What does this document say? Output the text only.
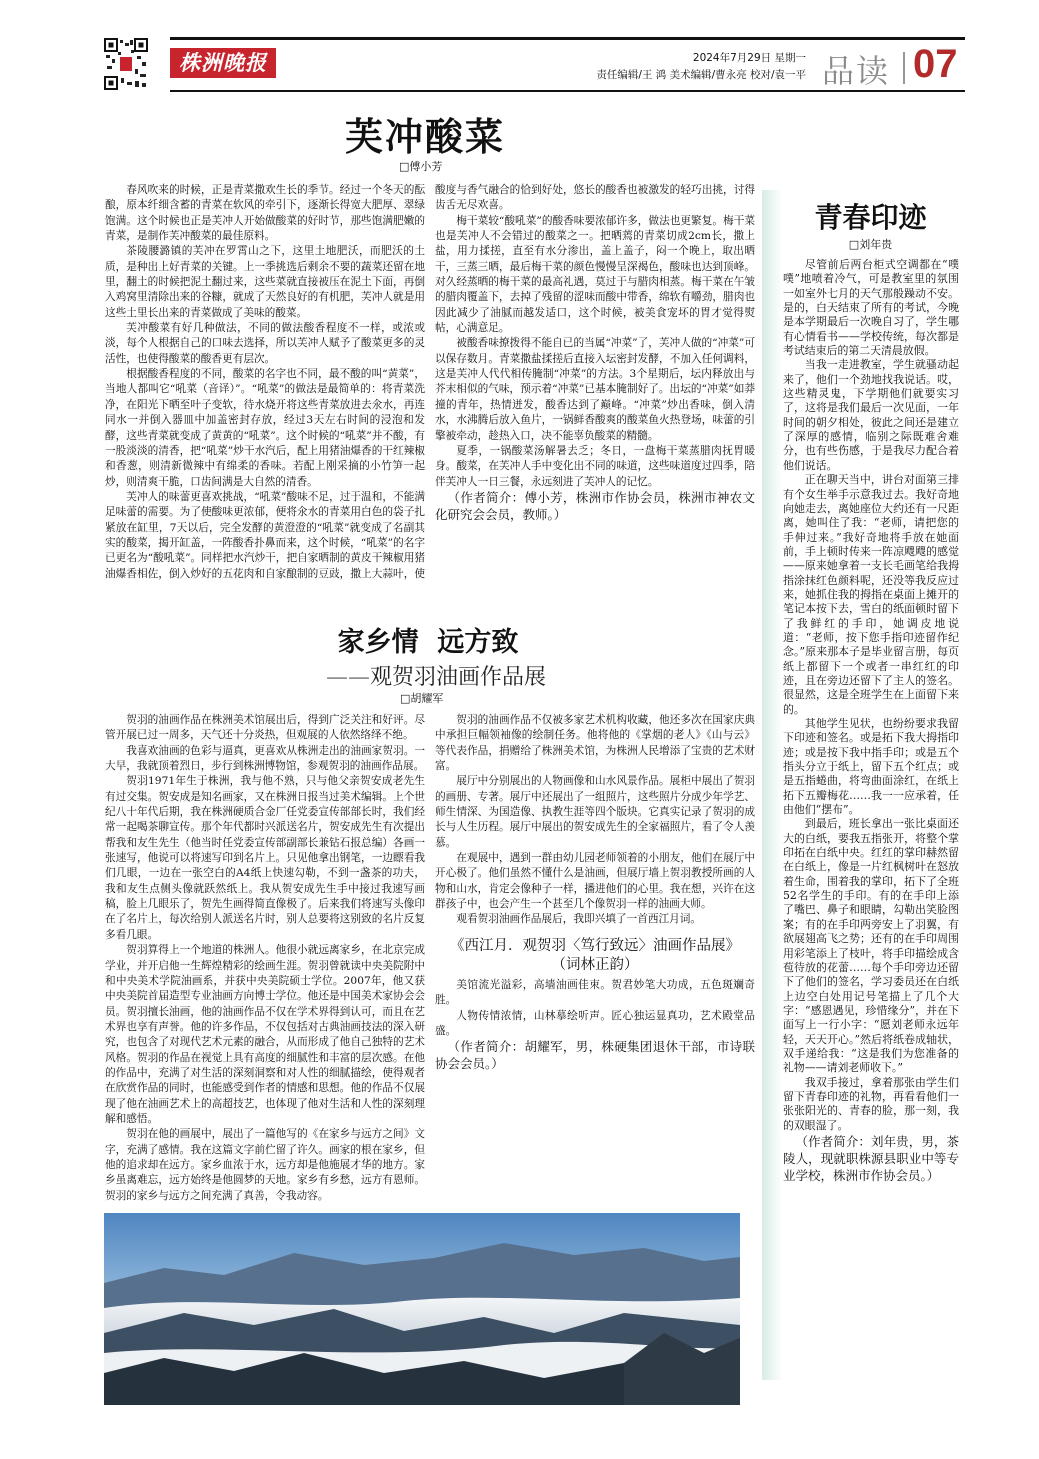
株洲晚报	2024年7月29日 星期一
责任编辑/王 鸿 美术编辑/曹永亮 校对/袁一平 品读 07
芙冲酸菜
□傅小芳

春风吹来的时候，正是青菜撒欢生长的季节。经过一个冬天的酝酿，原本纤细含蓄的青菜在软风的牵引下，逐渐长得宽大肥厚、翠绿饱满。这个时候也正是芙冲人开始做酸菜的好时节，那些饱满肥嫩的青菜，是制作芙冲酸菜的最佳原料。

茶陵腰潞镇的芙冲在罗霄山之下，这里土地肥沃，而肥沃的土质，是种出上好青菜的关键。上一季挑选后剩余不要的蔬菜还留在地里，翻土的时候把泥土翻过来，这些菜就直接被压在泥土下面，再倒入鸡窝里清除出来的谷糠，就成了天然良好的有机肥，芙冲人就是用这些土里长出来的青菜做成了美味的酸菜。

芙冲酸菜有好几种做法，不同的做法酸香程度不一样，或浓或淡，每个人根据自己的口味去选择，所以芙冲人赋予了酸菜更多的灵活性，也使得酸菜的酸香更有层次。

根据酸香程度的不同，酸菜的名字也不同，最不酸的叫“黄菜”，当地人都叫它“吼菜（音译）”。“吼菜”的做法是最简单的：将青菜洗净，在阳光下晒至叶子变软，待水烧开将这些青菜放进去氽水，再连同水一并倒入器皿中加盖密封存放，经过3天左右时间的浸泡和发酵，这些青菜就变成了黄黄的“吼菜”。这个时候的“吼菜”并不酸，有一股淡淡的清香，把“吼菜”炒干水汽后，配上用猪油爆香的干红辣椒和香葱，则清新微辣中有绵柔的香味。若配上刚采摘的小竹笋一起炒，则清爽干脆，口齿间满是大自然的清香。

芙冲人的味蕾更喜欢挑战，“吼菜”酸味不足，过于温和，不能满足味蕾的需要。为了使酸味更浓郁，便将氽水的青菜用白色的袋子扎紧放在缸里，7天以后，完全发酵的黄澄澄的“吼菜”就变成了名副其实的酸菜，揭开缸盖，一阵酸香扑鼻而来，这个时候，“吼菜”的名字已更名为“酸吼菜”。同样把水汽炒干，把自家晒制的黄皮干辣椒用猪油爆香相佐，倒入炒好的五花肉和自家酿制的豆豉，撒上大蒜叶，使酸度与香气融合的恰到好处，悠长的酸香也被激发的轻巧出挑，讨得齿舌无尽欢喜。

梅干菜较“酸吼菜”的酸香味要浓郁许多，做法也更繁复。梅干菜也是芙冲人不会错过的酸菜之一。把晒蔫的青菜切成2cm长，撒上盐，用力揉搓，直至有水分渗出，盖上盖子，闷一个晚上，取出晒干，三蒸三晒，最后梅干菜的颜色慢慢呈深褐色，酸味也达到顶峰。对久经蒸晒的梅干菜的最高礼遇，莫过于与腊肉相蒸。梅干菜在午皱的腊肉覆盖下，去掉了残留的涩味而酸中带香，绵软有嚼劲，腊肉也因此减少了油腻而越发适口，这个时候，被美食宠坏的胃才觉得熨帖，心满意足。

被酸香味撩拨得不能自已的当属“冲菜”了，芙冲人做的“冲菜”可以保存数月。青菜撒盐揉搓后直接入坛密封发酵，不加入任何调料，这是芙冲人代代相传腌制“冲菜”的方法。3个星期后，坛内释放出与芥末相似的气味，预示着“冲菜”已基本腌制好了。出坛的“冲菜”如莽撞的青年，热情迸发，酸香达到了巅峰。“冲菜”炒出香味，倒入清水，水沸腾后放入鱼片，一锅鲜香酸爽的酸菜鱼火热登场，味蕾的引擎被牵动，趁热入口，决不能辜负酸菜的精髓。

夏季，一锅酸菜汤解暑去乏；冬日，一盘梅干菜蒸腊肉抚胃暖身。酸菜，在芙冲人手中变化出不同的味道，这些味道度过四季，陪伴芙冲人一日三餐，永远刻进了芙冲人的记忆。

（作者简介：傅小芳，株洲市作协会员，株洲市神农文化研究会会员，教师。）

家乡情  远方致
——观贺羽油画作品展
□胡耀军

贺羽的油画作品在株洲美术馆展出后，得到广泛关注和好评。尽管开展已过一周多，天气还十分炎热，但观展的人依然络绎不绝。

我喜欢油画的色彩与逼真，更喜欢从株洲走出的油画家贺羽。一大早，我就顶着烈日，步行到株洲博物馆，参观贺羽的油画作品展。

贺羽1971年生于株洲，我与他不熟，只与他父亲贺安成老先生有过交集。贺安成是知名画家，又在株洲日报当过美术编辑。上个世纪八十年代后期，我在株洲硬质合金厂任党委宣传部部长时，我们经常一起喝茶聊宣传。那个年代都时兴派送名片，贺安成先生有次提出帮我和友生先生（他当时任党委宣传部副部长兼钻石报总编）各画一张速写，他说可以将速写印到名片上。只见他拿出钢笔，一边瞟看我们几眼，一边在一张空白的A4纸上快速勾勒，不到一盏茶的功夫，我和友生点侧头像就跃然纸上。我从贺安成先生手中接过我速写画稿，脸上几眼乐了，贺先生画得简直像极了。后来我们将速写头像印在了名片上，每次给别人派送名片时，别人总要将这别致的名片反复多看几眼。

贺羽算得上一个地道的株洲人。他很小就远离家乡，在北京完成学业，并开启他一生辉煌精彩的绘画生涯。贺羽曾就读中央美院附中和中央美术学院油画系，并获中央美院硕士学位。2007年，他又获中央美院首届造型专业油画方向博士学位。他还是中国美术家协会会员。贺羽擅长油画，他的油画作品不仅在学术界得到认可，而且在艺术界也享有声誉。他的许多作品，不仅包括对古典油画技法的深入研究，也包含了对现代艺术元素的融合，从而形成了他自己独特的艺术风格。贺羽的作品在视觉上具有高度的细腻性和丰富的层次感。在他的作品中，充满了对生活的深刻洞察和对人性的细腻描绘，使得观者在欣赏作品的同时，也能感受到作者的情感和思想。他的作品不仅展现了他在油画艺术上的高超技艺，也体现了他对生活和人性的深刻理解和感悟。

贺羽在他的画展中，展出了一篇他写的《在家乡与远方之间》文字，充满了感情。我在这篇文字前伫留了许久。画家的根在家乡，但他的追求却在远方。家乡血浓于水，远方却是他施展才华的地方。家乡虽离难忘，远方始终是他圆梦的天地。家乡有乡愁，远方有恩师。贺羽的家乡与远方之间充满了真善，令我动容。

贺羽的油画作品不仅被多家艺术机构收藏，他还多次在国家庆典中承担巨幅领袖像的绘制任务。他将他的《掌烟的老人》《山与云》等代表作品，捐赠给了株洲美术馆，为株洲人民增添了宝贵的艺术财富。

展厅中分别展出的人物画像和山水风景作品。展柜中展出了贺羽的画册、专著。展厅中还展出了一组照片，这些照片分成少年学艺、师生情深、为国造像、执教生涯等四个版块。它真实记录了贺羽的成长与人生历程。展厅中展出的贺安成先生的全家福照片，看了令人羡慕。

在观展中，遇到一群由幼儿园老师领着的小朋友，他们在展厅中开心极了。他们虽然不懂什么是油画，但展厅墙上贺羽教授所画的人物和山水，肯定会像种子一样，播进他们的心里。我在想，兴许在这群孩子中，也会产生一个甚至几个像贺羽一样的油画大师。

观看贺羽油画作品展后，我即兴填了一首西江月词。

《西江月．观贺羽〈笃行致远〉油画作品展》
（词林正韵）

美馆流光溢彩，高墙油画佳朿。贺君妙笔大功成，五色斑斓奇胜。

人物传情浓情，山林摹绘听声。匠心独运显真功，艺术殿堂品盛。

（作者简介：胡耀军，男，株硬集团退休干部，市诗联协会会员。）

青春印迹
□刘年贵

尽管前后两台柜式空调都在“噗噗”地喷着冷气，可是教室里的氛围一如室外七月的天气那般躁动不安。是的，白天结束了所有的考试，今晚是本学期最后一次晚自习了，学生哪有心情看书——学校传统，每次都是考试结束后的第二天清晨放假。

当我一走进教室，学生就骚动起来了，他们一个劲地找我说话。哎，这些精灵鬼，下学期他们就要实习了，这将是我们最后一次见面，一年时间的朝夕相处，彼此之间还是建立了深厚的感情，临别之际既难舍难分，也有些伤感，于是我尽力配合着他们说话。

正在聊天当中，讲台对面第三排有个女生举手示意我过去。我好奇地向她走去，离她座位大约还有一尺距离，她叫住了我：“老师，请把您的手伸过来。”我好奇地将手放在她面前，手上顿时传来一阵凉飕飕的感觉——原来她拿着一支长毛画笔给我拇指涂抹红色颜料呢，还没等我反应过来，她抓住我的拇指在桌面上摊开的笔记本按下去，雪白的纸面顿时留下了我鲜红的手印，她调皮地说道：“老师，按下您手指印迹留作纪念。”原来那本子是毕业留言册，每页纸上都留下一个或者一串红红的印迹，且在旁边还留下了主人的签名。很显然，这是全班学生在上面留下来的。

其他学生见状，也纷纷要求我留下印迹和签名。或是拓下我大拇指印迹；或是按下我中指手印；或是五个指头分立于纸上，留下五个红点；或是五指蜷曲，将弯曲面涂红，在纸上拓下五瓣梅花……我一一应承着，任由他们“摆布”。

到最后，班长拿出一张比桌面还大的白纸，要我五指张开，将整个掌印拓在白纸中央。红红的掌印赫然留在白纸上，像是一片红枫树叶在怒放着生命，围着我的掌印，拓下了全班52名学生的手印。有的在手印上添了嘴巴、鼻子和眼睛，勾勒出笑脸图案；有的在手印两旁安上了羽翼，有欲展翅高飞之势；还有的在手印周围用彩笔添上了枝叶，将手印描绘成含苞待放的花蕾……每个手印旁边还留下了他们的签名，学习委员还在白纸上边空白处用记号笔描上了几个大字：“感恩遇见，珍惜缘分”，并在下面写上一行小字：“愿刘老师永远年轻，天天开心。”然后将纸卷成轴状，双手递给我：“这是我们为您准备的礼物——请刘老师收下。”

我双手接过，拿着那张由学生们留下青春印迹的礼物，再看看他们一张张阳光的、青春的脸，那一刻，我的双眼湿了。

（作者简介：刘年贵，男，茶陵人，现就职株源县职业中等专业学校，株洲市作协会员。）
